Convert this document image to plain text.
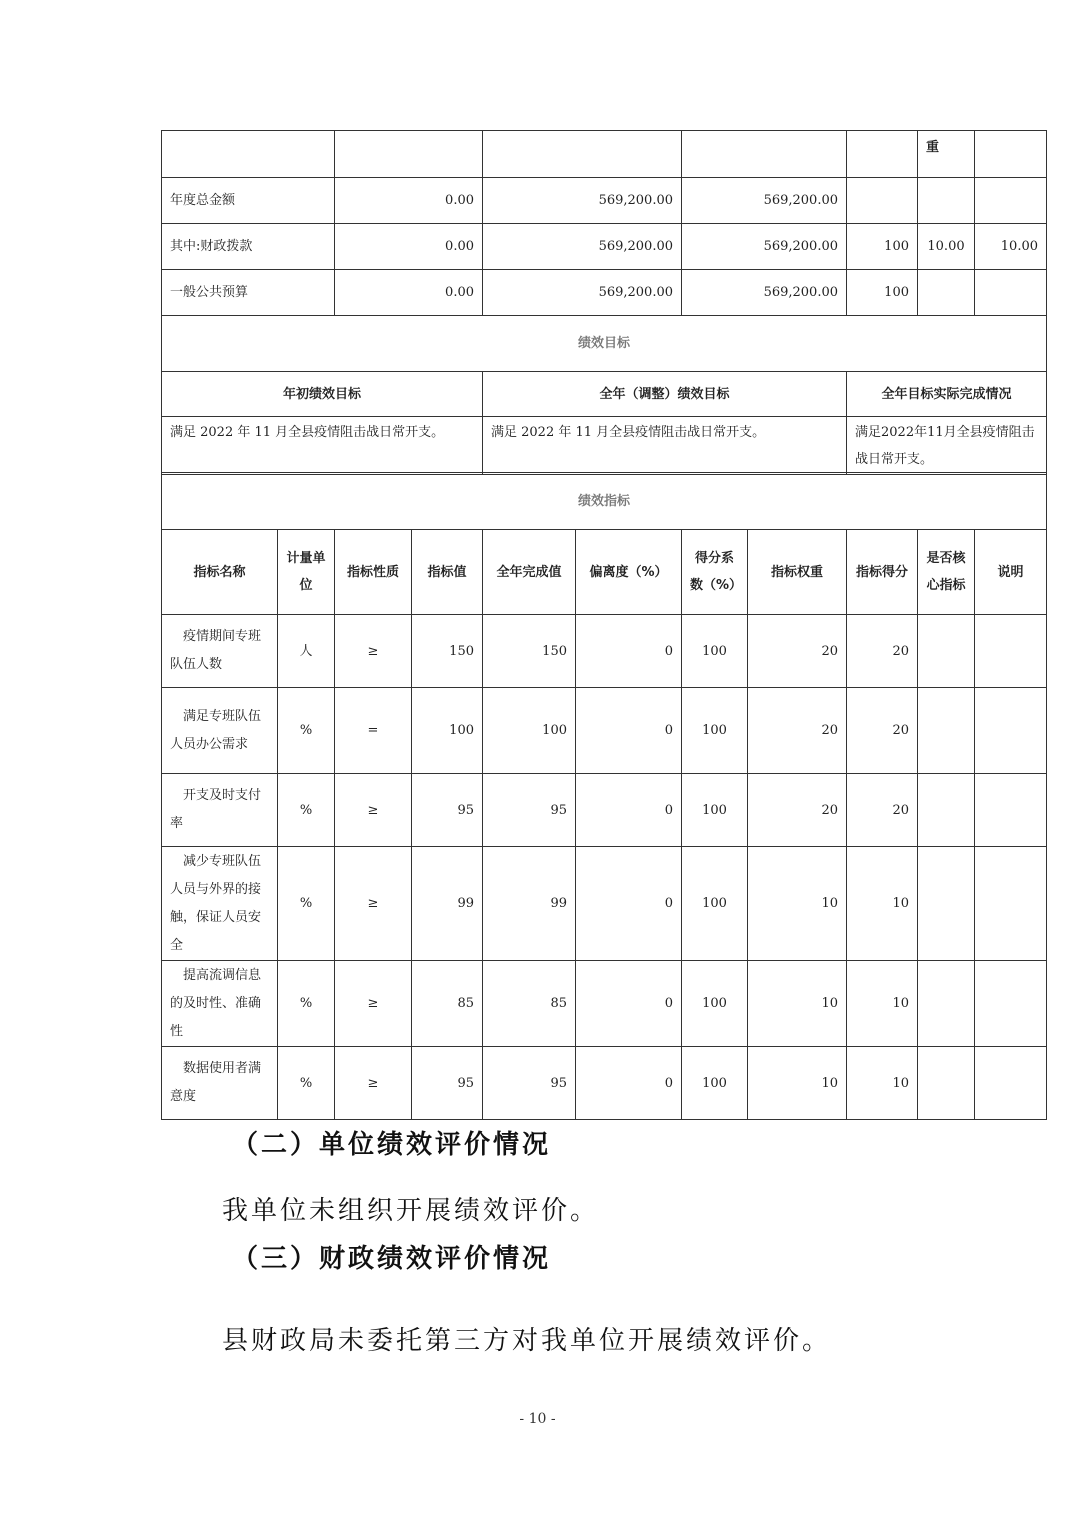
					重	
年度总金额	0.00	569,200.00	569,200.00			
其中:财政拨款	0.00	569,200.00	569,200.00	100	10.00	10.00
一般公共预算	0.00	569,200.00	569,200.00	100		
绩效目标						
年初绩效目标		全年（调整）绩效目标		全年目标实际完成情况		
满足 2022 年 11 月全县疫情阻击战日常开支。		满足 2022 年 11 月全县疫情阻击战日常开支。		满足2022年11月全县疫情阻击战日常开支。		
绩效指标										
指标名称	计量单位	指标性质	指标值	全年完成值	偏离度（%）	得分系数（%）	指标权重	指标得分	是否核心指标	说明
疫情期间专班队伍人数	人	≥	150	150	0	100	20	20		
满足专班队伍人员办公需求	%	=	100	100	0	100	20	20		
开支及时支付率	%	≥	95	95	0	100	20	20		
减少专班队伍人员与外界的接触，保证人员安全	%	≥	99	99	0	100	10	10		
提高流调信息的及时性、准确性	%	≥	85	85	0	100	10	10		
数据使用者满意度	%	≥	95	95	0	100	10	10		

（二）单位绩效评价情况

我单位未组织开展绩效评价。

（三）财政绩效评价情况

县财政局未委托第三方对我单位开展绩效评价。

- 10 -
